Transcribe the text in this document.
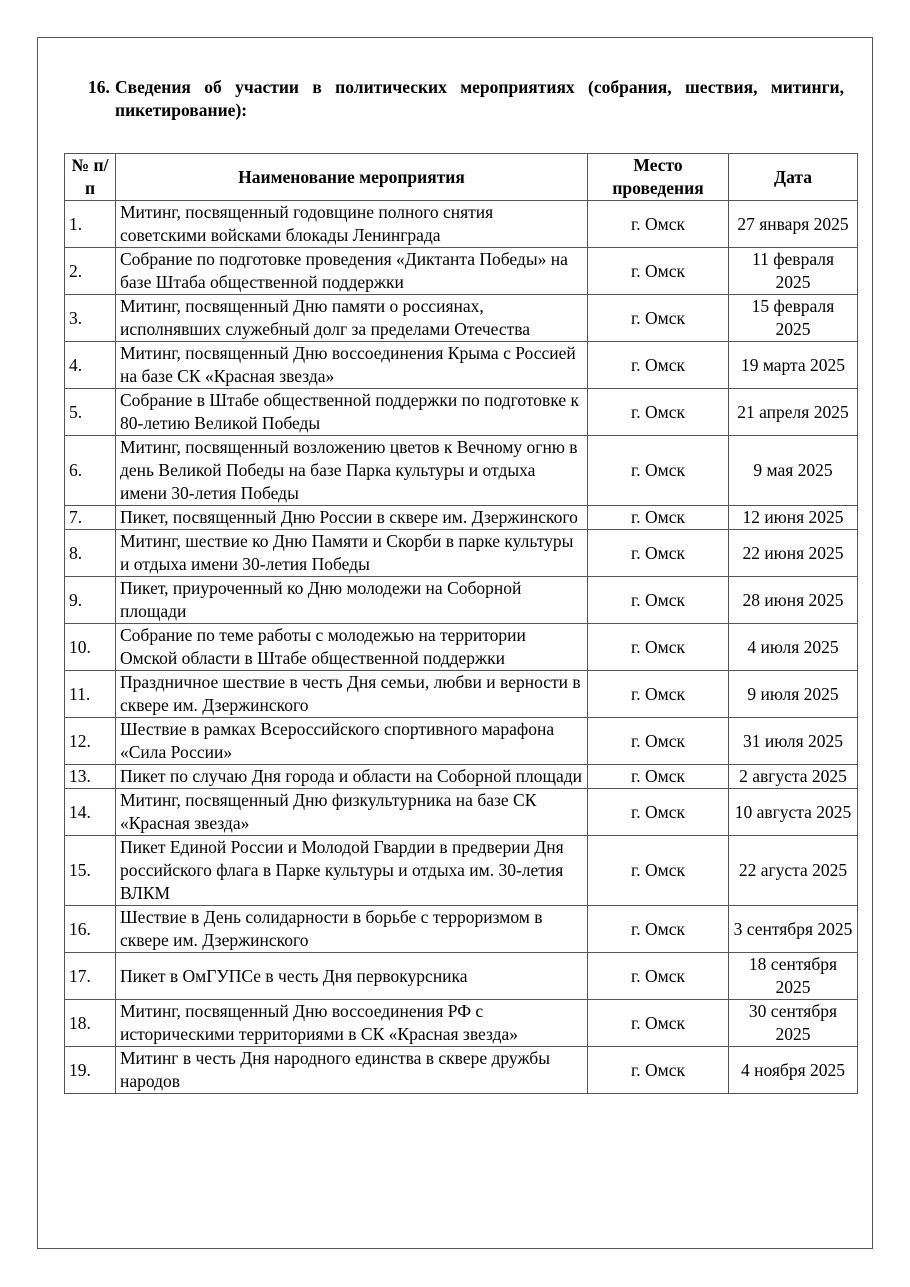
16. Сведения об участии в политических мероприятиях (собрания, шествия, митинги, пикетирование):
№ п/п	Наименование мероприятия	Место проведения	Дата
1.	Митинг, посвященный годовщине полного снятия советскими войсками блокады Ленинграда	г. Омск	27 января 2025
2.	Собрание по подготовке проведения «Диктанта Победы» на базе Штаба общественной поддержки	г. Омск	11 февраля 2025
3.	Митинг, посвященный Дню памяти о россиянах, исполнявших служебный долг за пределами Отечества	г. Омск	15 февраля 2025
4.	Митинг, посвященный Дню воссоединения Крыма с Россией на базе СК «Красная звезда»	г. Омск	19 марта 2025
5.	Собрание в Штабе общественной поддержки по подготовке к 80-летию Великой Победы	г. Омск	21 апреля 2025
6.	Митинг, посвященный возложению цветов к Вечному огню в день Великой Победы на базе Парка культуры и отдыха имени 30-летия Победы	г. Омск	9 мая 2025
7.	Пикет, посвященный Дню России в сквере им. Дзержинского	г. Омск	12 июня 2025
8.	Митинг, шествие ко Дню Памяти и Скорби в парке культуры и отдыха имени 30-летия Победы	г. Омск	22 июня 2025
9.	Пикет, приуроченный ко Дню молодежи на Соборной площади	г. Омск	28 июня 2025
10.	Собрание по теме работы с молодежью на территории Омской области в Штабе общественной поддержки	г. Омск	4 июля 2025
11.	Праздничное шествие в честь Дня семьи, любви и верности в сквере им. Дзержинского	г. Омск	9 июля 2025
12.	Шествие в рамках Всероссийского спортивного марафона «Сила России»	г. Омск	31 июля 2025
13.	Пикет по случаю Дня города и области на Соборной площади	г. Омск	2 августа 2025
14.	Митинг, посвященный Дню физкультурника на базе СК «Красная звезда»	г. Омск	10 августа 2025
15.	Пикет Единой России и Молодой Гвардии в предверии Дня российского флага в Парке культуры и отдыха им. 30-летия ВЛКМ	г. Омск	22 агуста 2025
16.	Шествие в День солидарности в борьбе с терроризмом в сквере им. Дзержинского	г. Омск	3 сентября 2025
17.	Пикет в ОмГУПСе в честь Дня первокурсника	г. Омск	18 сентября 2025
18.	Митинг, посвященный Дню воссоединения РФ с историческими территориями в СК «Красная звезда»	г. Омск	30 сентября 2025
19.	Митинг в честь Дня народного единства в сквере дружбы народов	г. Омск	4 ноября 2025
